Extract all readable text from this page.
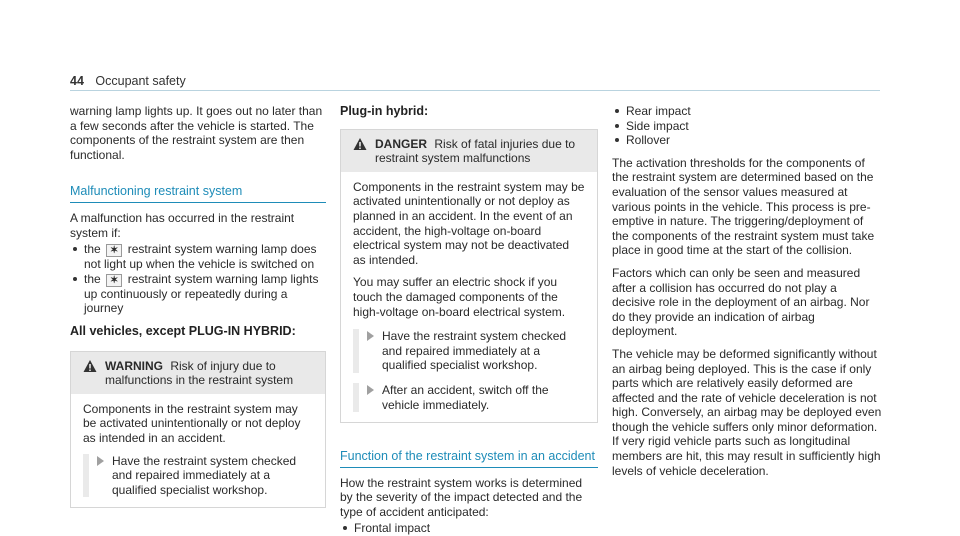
44 Occupant safety

warning lamp lights up. It goes out no later than a few seconds after the vehicle is started. The components of the restraint system are then functional.

Malfunctioning restraint system

A malfunction has occurred in the restraint system if:

the ✶ restraint system warning lamp does not light up when the vehicle is switched on
the ✶ restraint system warning lamp lights up continuously or repeatedly during a journey

All vehicles, except PLUG-IN HYBRID:

WARNING Risk of injury due to malfunctions in the restraint system

Components in the restraint system may be activated unintentionally or not deploy as intended in an accident.

Have the restraint system checked and repaired immediately at a qualified specialist workshop.

Plug-in hybrid:

DANGER Risk of fatal injuries due to restraint system malfunctions

Components in the restraint system may be activated unintentionally or not deploy as planned in an accident. In the event of an accident, the high-voltage on-board electrical system may not be deactivated as intended.

You may suffer an electric shock if you touch the damaged components of the high-voltage on-board electrical system.

Have the restraint system checked and repaired immediately at a qualified specialist workshop.
After an accident, switch off the vehicle immediately.
Function of the restraint system in an accident

How the restraint system works is determined by the severity of the impact detected and the type of accident anticipated:

Frontal impact
Rear impact
Side impact
Rollover

The activation thresholds for the components of the restraint system are determined based on the evaluation of the sensor values measured at various points in the vehicle. This process is pre-emptive in nature. The triggering/deployment of the components of the restraint system must take place in good time at the start of the collision.

Factors which can only be seen and measured after a collision has occurred do not play a decisive role in the deployment of an airbag. Nor do they provide an indication of airbag deployment.

The vehicle may be deformed significantly without an airbag being deployed. This is the case if only parts which are relatively easily deformed are affected and the rate of vehicle deceleration is not high. Conversely, an airbag may be deployed even though the vehicle suffers only minor deformation. If very rigid vehicle parts such as longitudinal members are hit, this may result in sufficiently high levels of vehicle deceleration.
